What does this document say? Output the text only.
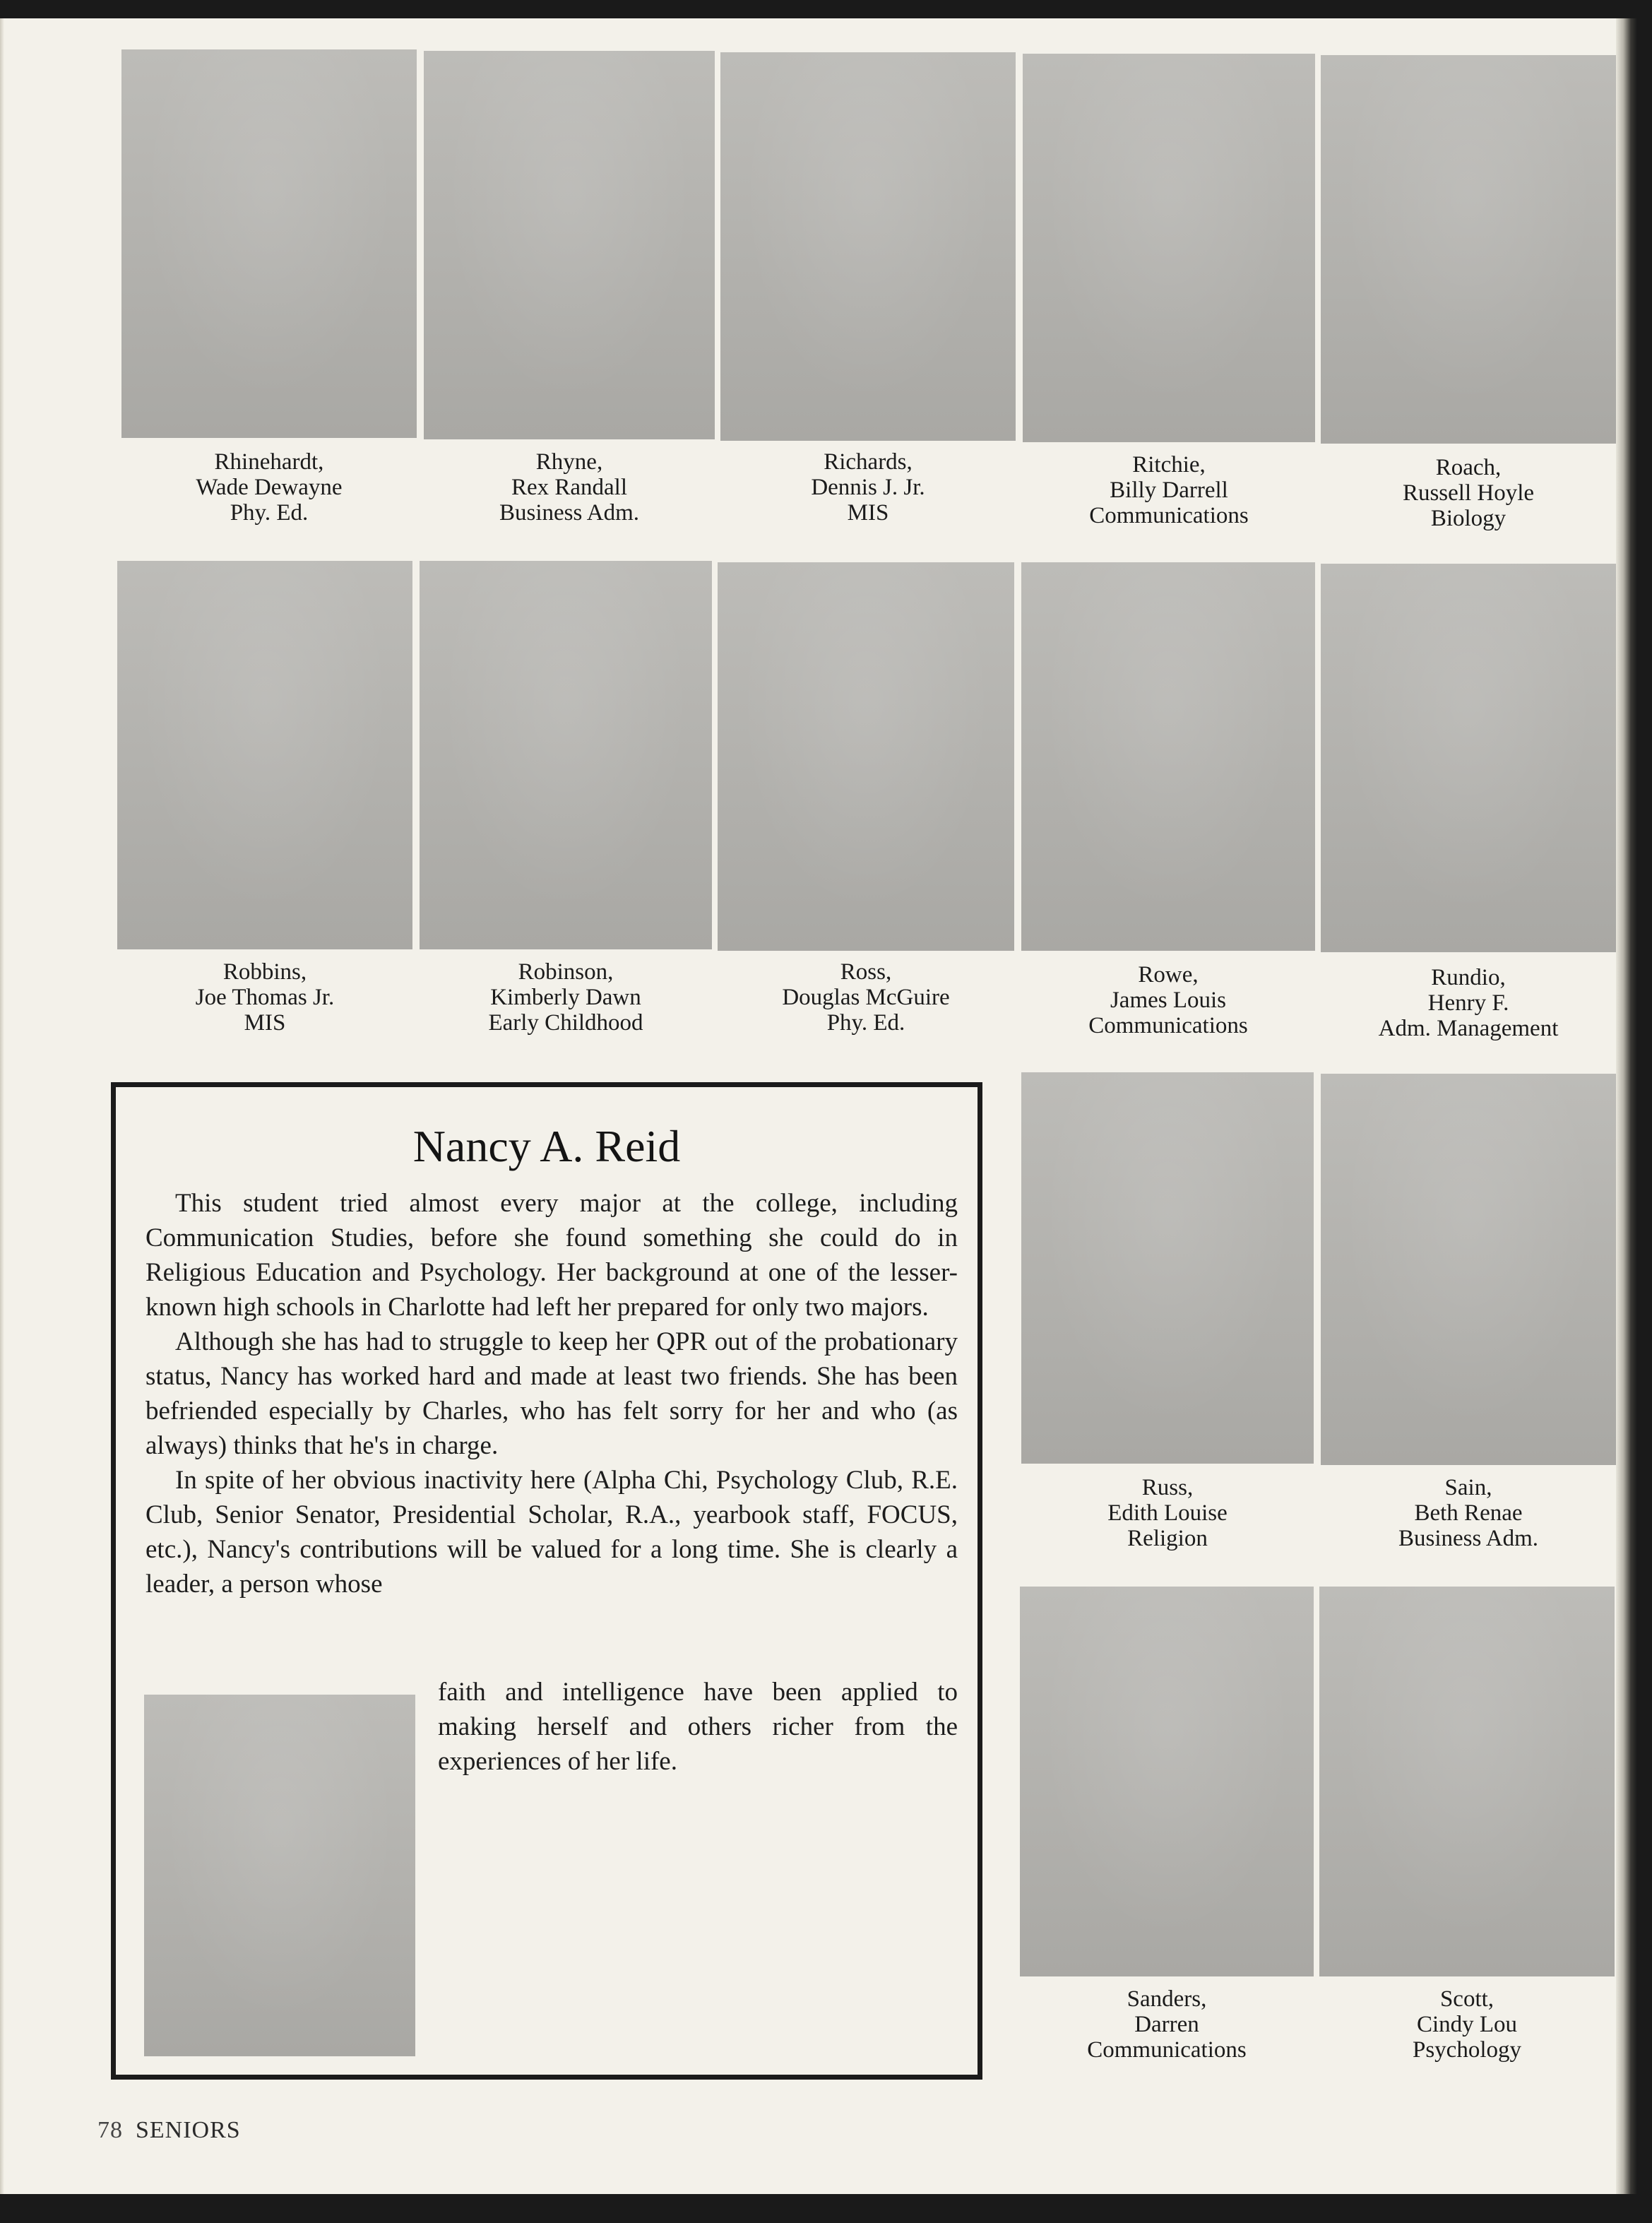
Rhinehardt,
Wade Dewayne
Phy. Ed.
Rhyne,
Rex Randall
Business Adm.
Richards,
Dennis J. Jr.
MIS
Ritchie,
Billy Darrell
Communications
Roach,
Russell Hoyle
Biology
Robbins,
Joe Thomas Jr.
MIS
Robinson,
Kimberly Dawn
Early Childhood
Ross,
Douglas McGuire
Phy. Ed.
Rowe,
James Louis
Communications
Rundio,
Henry F.
Adm. Management
Russ,
Edith Louise
Religion
Sain,
Beth Renae
Business Adm.
Sanders,
Darren
Communications
Scott,
Cindy Lou
Psychology
Nancy A. Reid

This student tried almost every major at the college, including Communication Studies, before she found something she could do in Religious Education and Psychology. Her background at one of the lesser-known high schools in Charlotte had left her prepared for only two majors.

Although she has had to struggle to keep her QPR out of the probationary status, Nancy has worked hard and made at least two friends. She has been befriended especially by Charles, who has felt sorry for her and who (as always) thinks that he's in charge.

In spite of her obvious inactivity here (Alpha Chi, Psychology Club, R.E. Club, Senior Senator, Presidential Scholar, R.A., yearbook staff, FOCUS, etc.), Nancy's contributions will be valued for a long time. She is clearly a leader, a person whose

faith and intelligence have been applied to making herself and others richer from the experiences of her life.

78 SENIORS
